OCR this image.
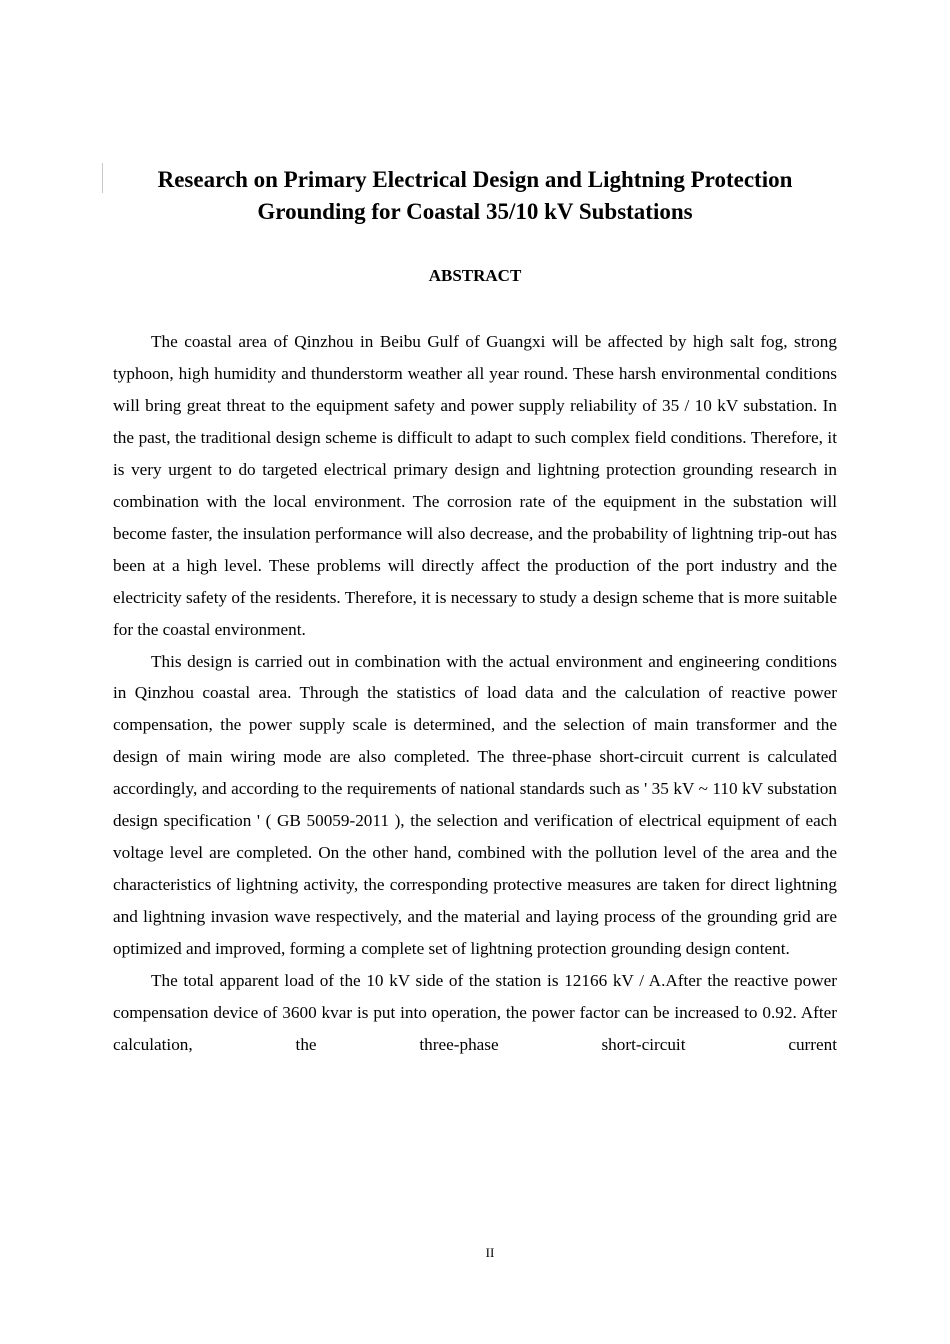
Research on Primary Electrical Design and Lightning Protection
Grounding for Coastal 35/10 kV Substations
ABSTRACT

The coastal area of Qinzhou in Beibu Gulf of Guangxi will be affected by high salt fog, strong typhoon, high humidity and thunderstorm weather all year round. These harsh environmental conditions will bring great threat to the equipment safety and power supply reliability of 35 / 10 kV substation. In the past, the traditional design scheme is difficult to adapt to such complex field conditions. Therefore, it is very urgent to do targeted electrical primary design and lightning protection grounding research in combination with the local environment. The corrosion rate of the equipment in the substation will become faster, the insulation performance will also decrease, and the probability of lightning trip-out has been at a high level. These problems will directly affect the production of the port industry and the electricity safety of the residents. Therefore, it is necessary to study a design scheme that is more suitable for the coastal environment.

This design is carried out in combination with the actual environment and engineering conditions in Qinzhou coastal area. Through the statistics of load data and the calculation of reactive power compensation, the power supply scale is determined, and the selection of main transformer and the design of main wiring mode are also completed. The three-phase short-circuit current is calculated accordingly, and according to the requirements of national standards such as ' 35 kV ~ 110 kV substation design specification ' ( GB 50059-2011 ), the selection and verification of electrical equipment of each voltage level are completed. On the other hand, combined with the pollution level of the area and the characteristics of lightning activity, the corresponding protective measures are taken for direct lightning and lightning invasion wave respectively, and the material and laying process of the grounding grid are optimized and improved, forming a complete set of lightning protection grounding design content.

The total apparent load of the 10 kV side of the station is 12166 kV / A.After the reactive power compensation device of 3600 kvar is put into operation, the power factor can be increased to 0.92. After calculation, the three-phase short-circuit current

II
